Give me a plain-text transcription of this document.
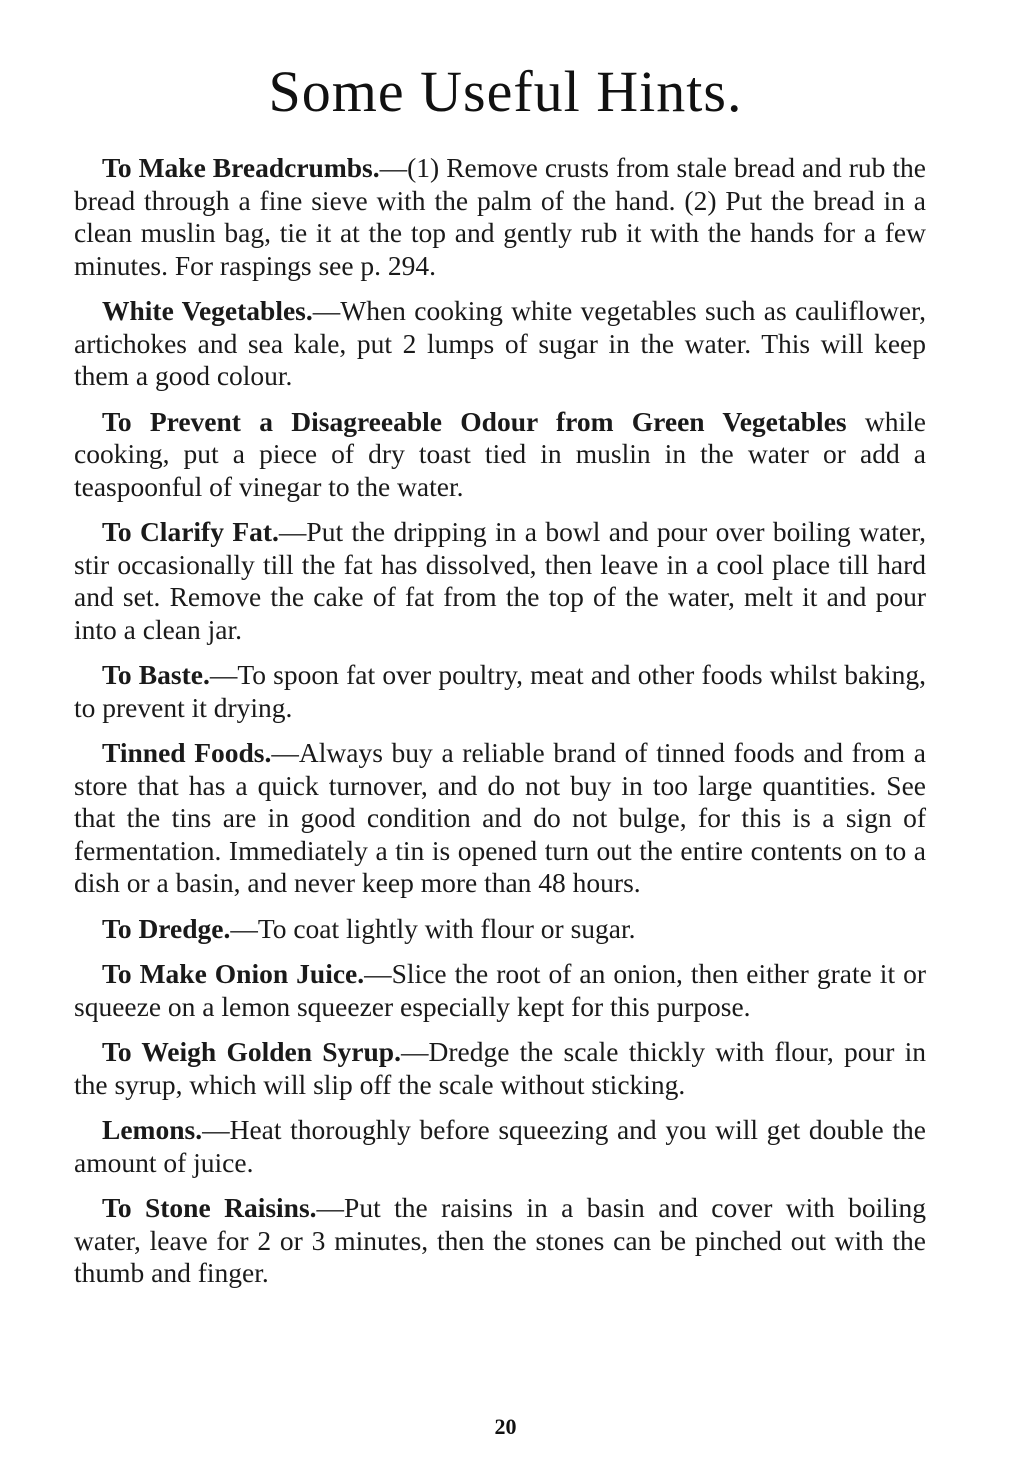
Some Useful Hints.

To Make Breadcrumbs.—(1) Remove crusts from stale bread and rub the bread through a fine sieve with the palm of the hand. (2) Put the bread in a clean muslin bag, tie it at the top and gently rub it with the hands for a few minutes. For raspings see p. 294.

White Vegetables.—When cooking white vegetables such as cauliflower, artichokes and sea kale, put 2 lumps of sugar in the water. This will keep them a good colour.

To Prevent a Disagreeable Odour from Green Vegetables while cooking, put a piece of dry toast tied in muslin in the water or add a teaspoonful of vinegar to the water.

To Clarify Fat.—Put the dripping in a bowl and pour over boiling water, stir occasionally till the fat has dissolved, then leave in a cool place till hard and set. Remove the cake of fat from the top of the water, melt it and pour into a clean jar.

To Baste.—To spoon fat over poultry, meat and other foods whilst baking, to prevent it drying.

Tinned Foods.—Always buy a reliable brand of tinned foods and from a store that has a quick turnover, and do not buy in too large quantities. See that the tins are in good condition and do not bulge, for this is a sign of fermentation. Immediately a tin is opened turn out the entire contents on to a dish or a basin, and never keep more than 48 hours.

To Dredge.—To coat lightly with flour or sugar.

To Make Onion Juice.—Slice the root of an onion, then either grate it or squeeze on a lemon squeezer especially kept for this purpose.

To Weigh Golden Syrup.—Dredge the scale thickly with flour, pour in the syrup, which will slip off the scale without sticking.

Lemons.—Heat thoroughly before squeezing and you will get double the amount of juice.

To Stone Raisins.—Put the raisins in a basin and cover with boiling water, leave for 2 or 3 minutes, then the stones can be pinched out with the thumb and finger.

20
